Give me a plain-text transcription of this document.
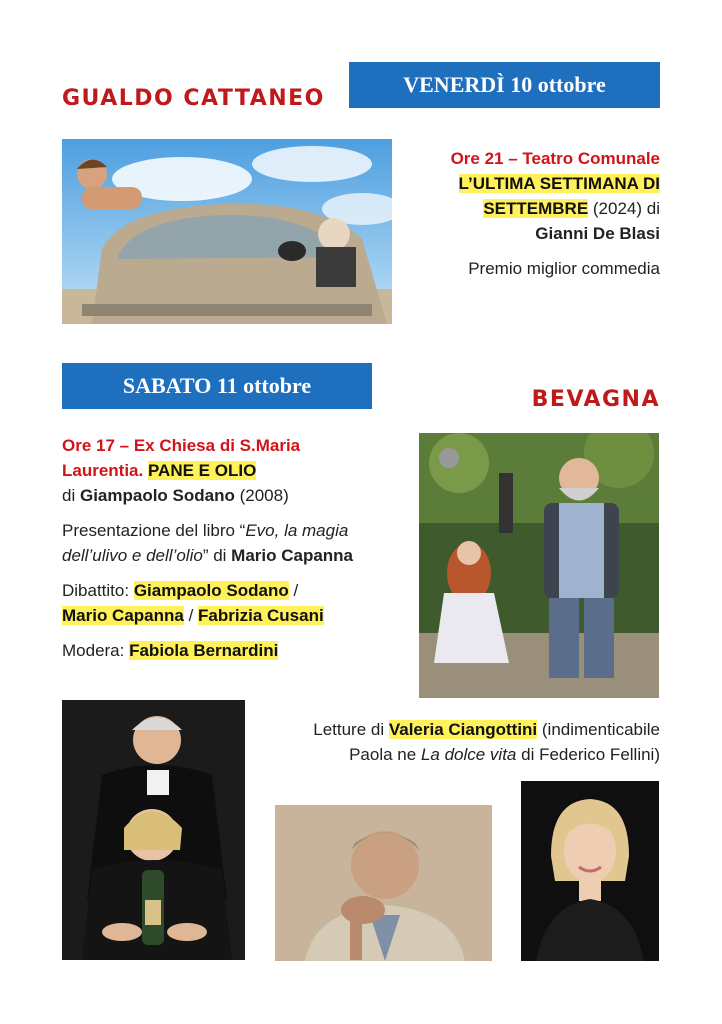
GUALDO CATTANEO
VENERDÌ 10 ottobre
Ore 21 – Teatro Comunale
L’ULTIMA SETTIMANA DI
SETTEMBRE (2024) di
Gianni De Blasi
Premio miglior commedia
SABATO 11 ottobre
BEVAGNA
Ore 17 – Ex Chiesa di S.Maria
Laurentia. PANE E OLIO
di Giampaolo Sodano (2008)
Presentazione del libro “Evo, la magia
dell’ulivo e dell’olio” di Mario Capanna
Dibattito: Giampaolo Sodano /
Mario Capanna / Fabrizia Cusani
Modera: Fabiola Bernardini
Letture di Valeria Ciangottini (indimenticabile
Paola ne La dolce vita di Federico Fellini)
